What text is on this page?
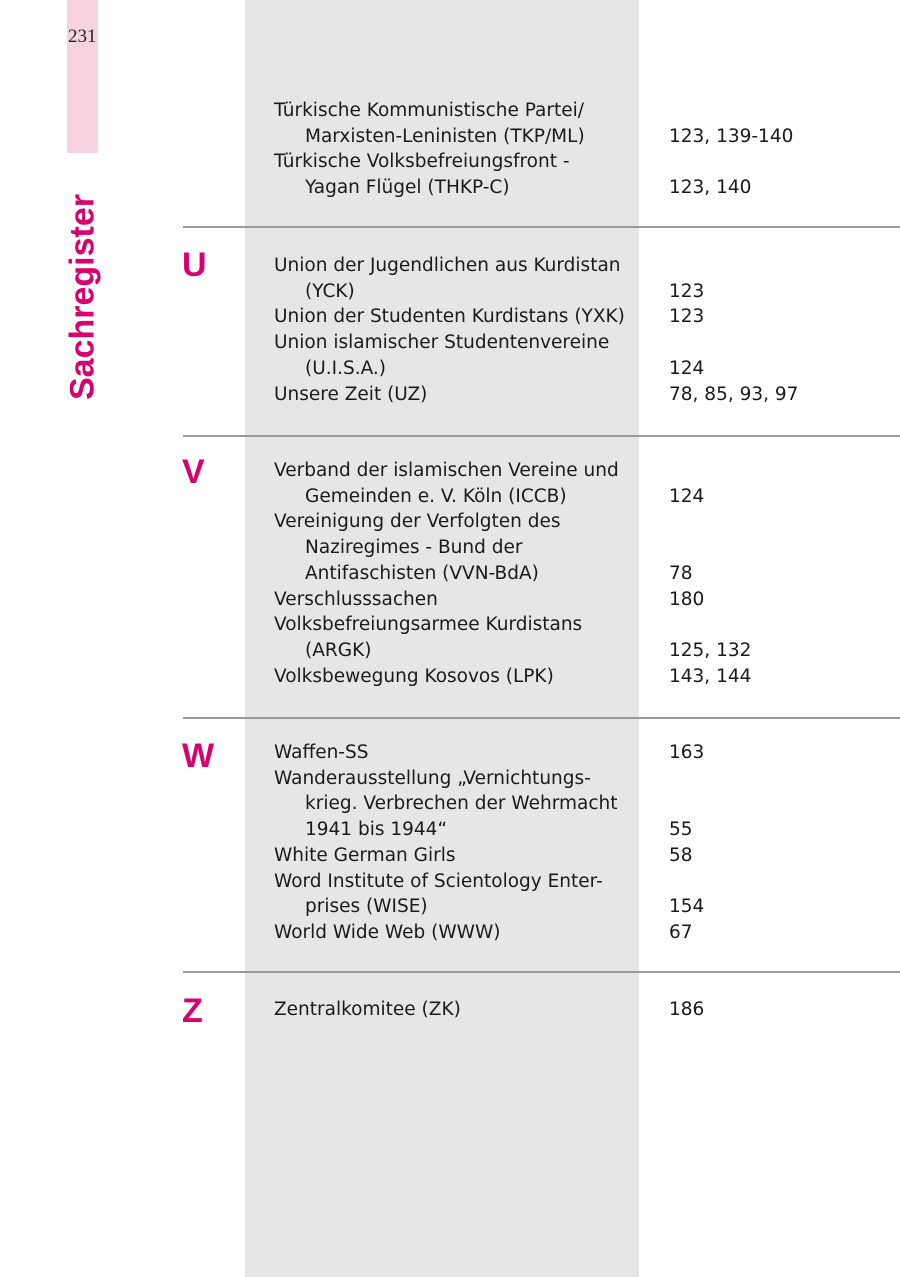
231
Sachregister
Türkische Kommunistische Partei/
Marxisten-Leninisten (TKP/ML)	123, 139-140
Türkische Volksbefreiungsfront -
Yagan Flügel (THKP-C)	123, 140
U	Union der Jugendlichen aus Kurdistan
(YCK)	123
Union der Studenten Kurdistans (YXK) 123
Union islamischer Studentenvereine
(U.I.S.A.)	124
Unsere Zeit (UZ)	78, 85, 93, 97
V	Verband der islamischen Vereine und
Gemeinden e. V. Köln (ICCB)	124
Vereinigung der Verfolgten des
Naziregimes - Bund der
Antifaschisten (VVN-BdA)	78
Verschlusssachen	180
Volksbefreiungsarmee Kurdistans
(ARGK)	125, 132
Volksbewegung Kosovos (LPK)	143, 144
W	Waffen-SS	163
Wanderausstellung „Vernichtungs-
krieg. Verbrechen der Wehrmacht
1941 bis 1944“	55
White German Girls	58
Word Institute of Scientology Enter-
prises (WISE)	154
World Wide Web (WWW)	67
Z	Zentralkomitee (ZK)	186
